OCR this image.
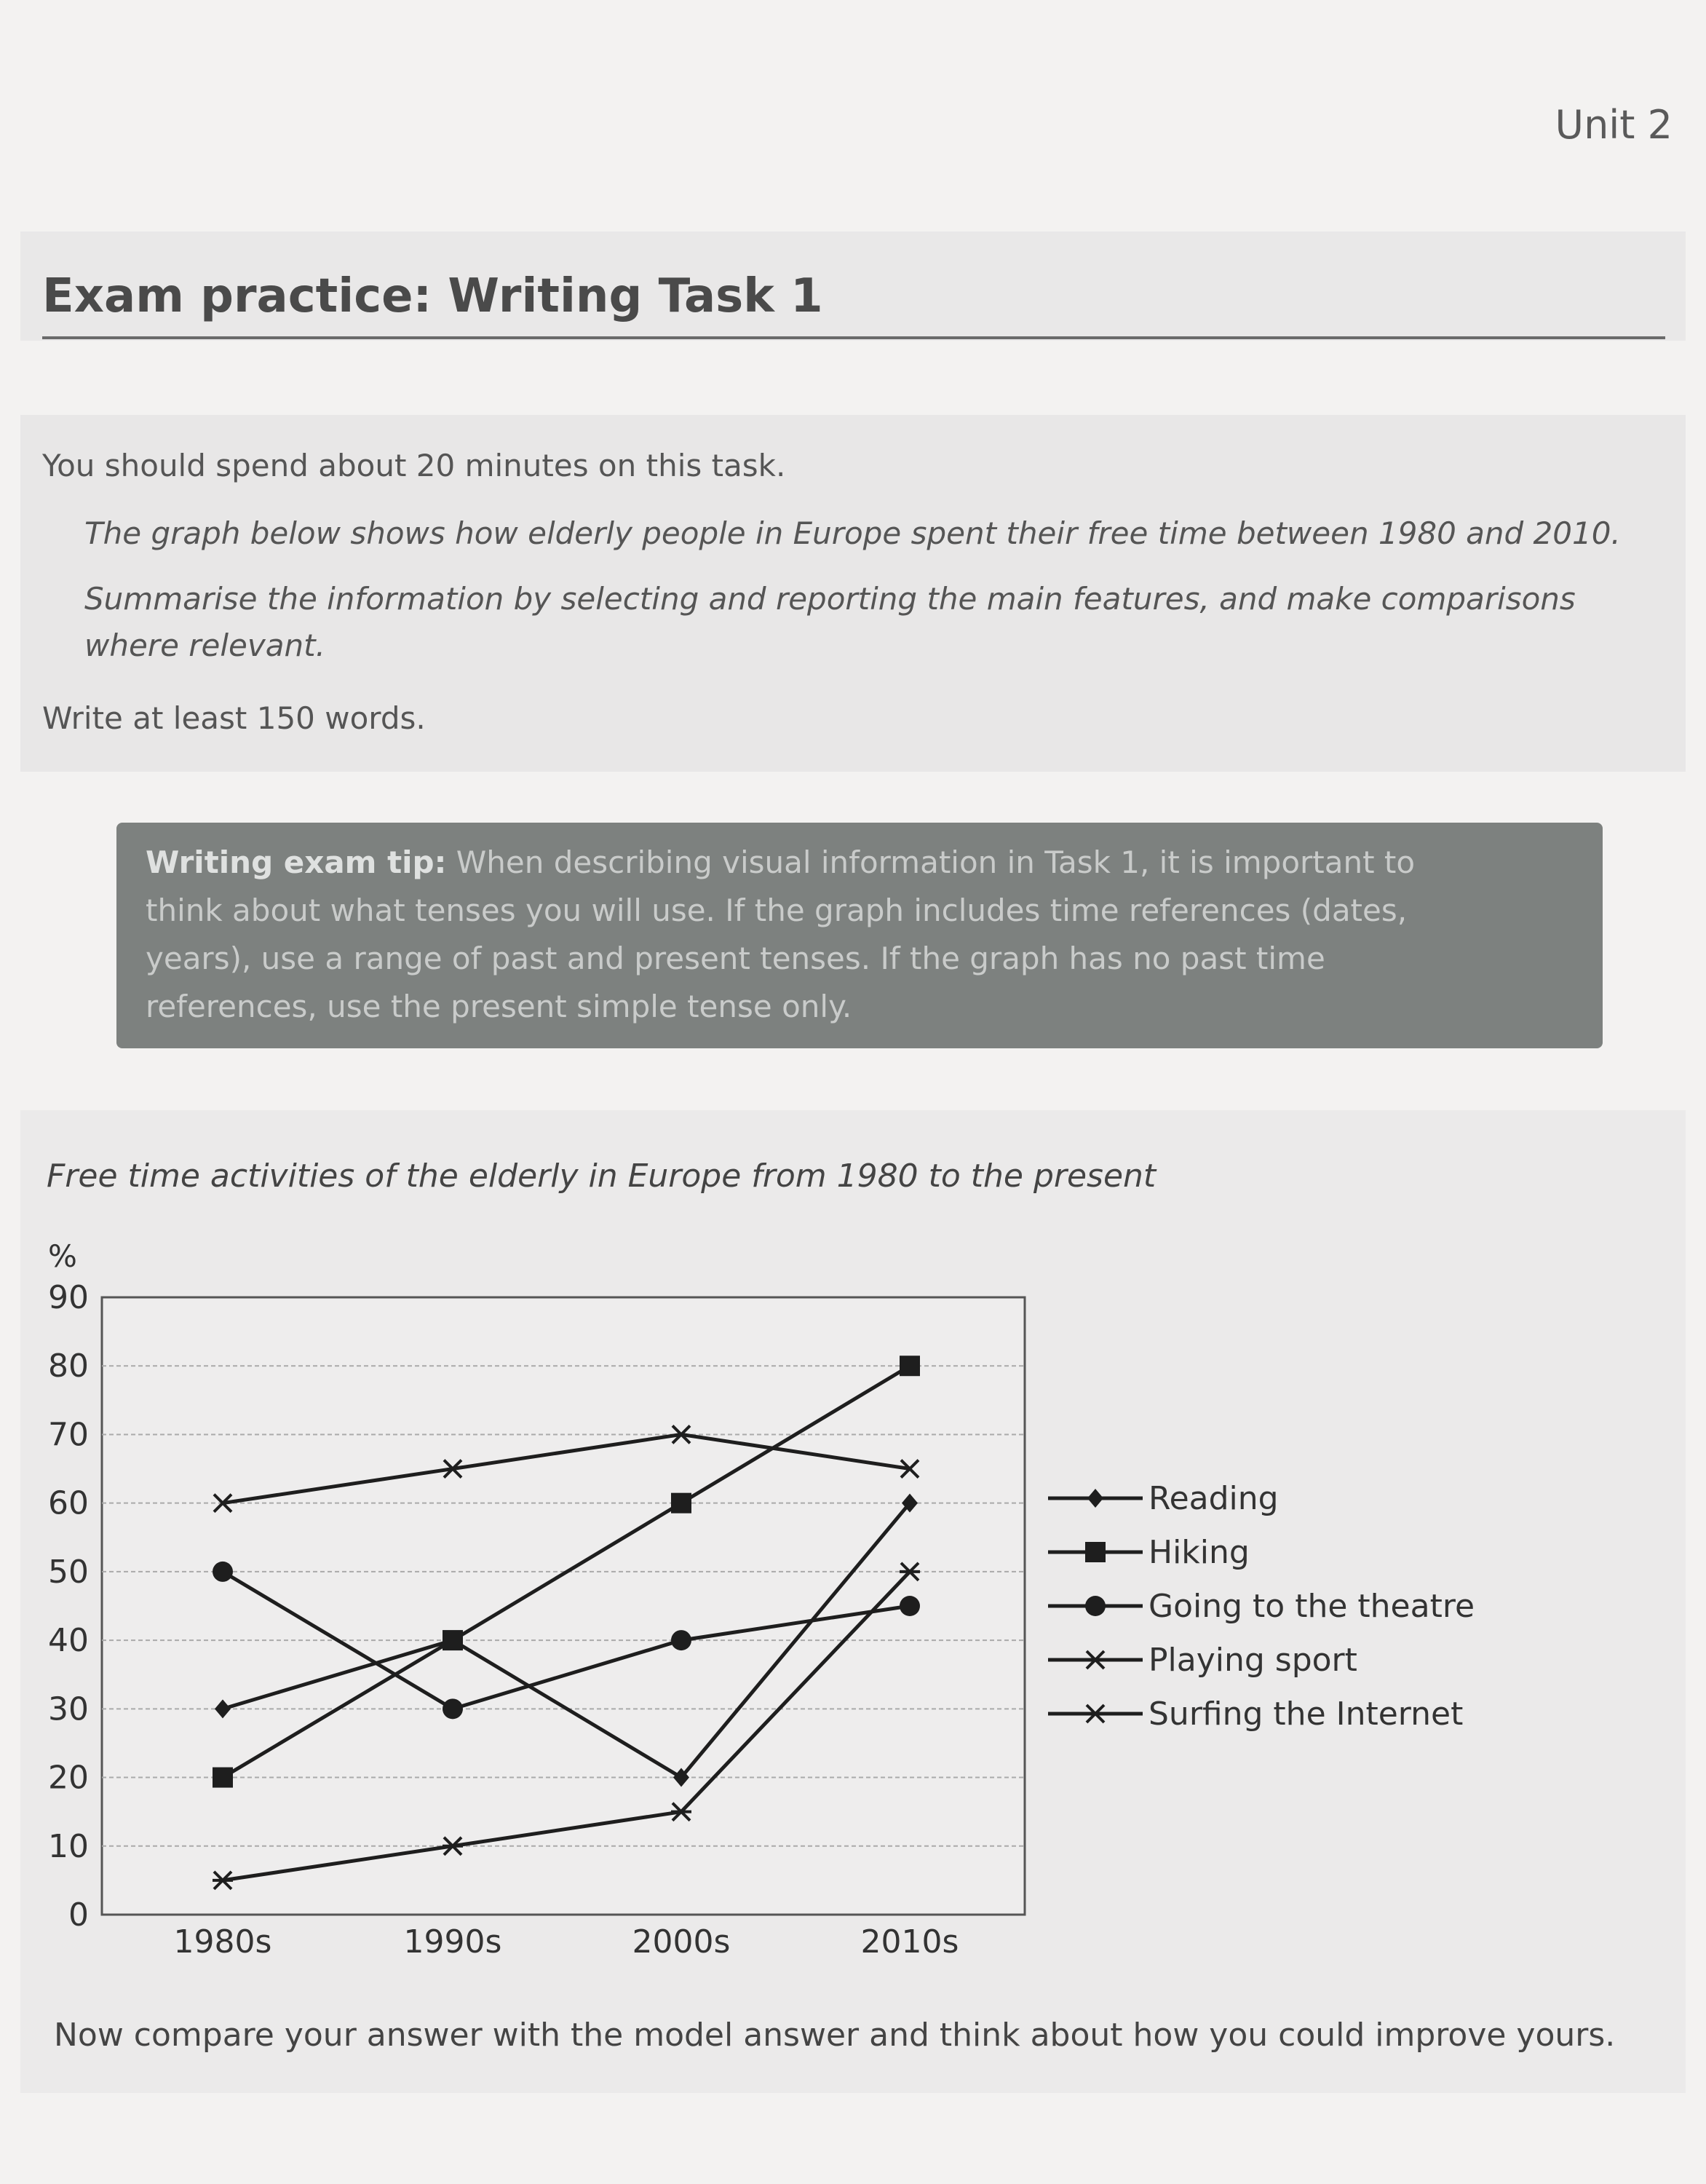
Unit 2
Exam practice: Writing Task 1
You should spend about 20 minutes on this task.
The graph below shows how elderly people in Europe spent their free time between 1980 and 2010.
Summarise the information by selecting and reporting the main features, and make comparisons
where relevant.
Write at least 150 words.
Writing exam tip: When describing visual information in Task 1, it is important to
think about what tenses you will use. If the graph includes time references (dates,
years), use a range of past and present tenses. If the graph has no past time
references, use the present simple tense only.
Free time activities of the elderly in Europe from 1980 to the present
0
10
20
30
40
50
60
70
80
90
%
1980s	1990s	2000s	2010s
Reading
Hiking
Going to the theatre
Playing sport
Surfing the Internet
Now compare your answer with the model answer and think about how you could improve yours.
